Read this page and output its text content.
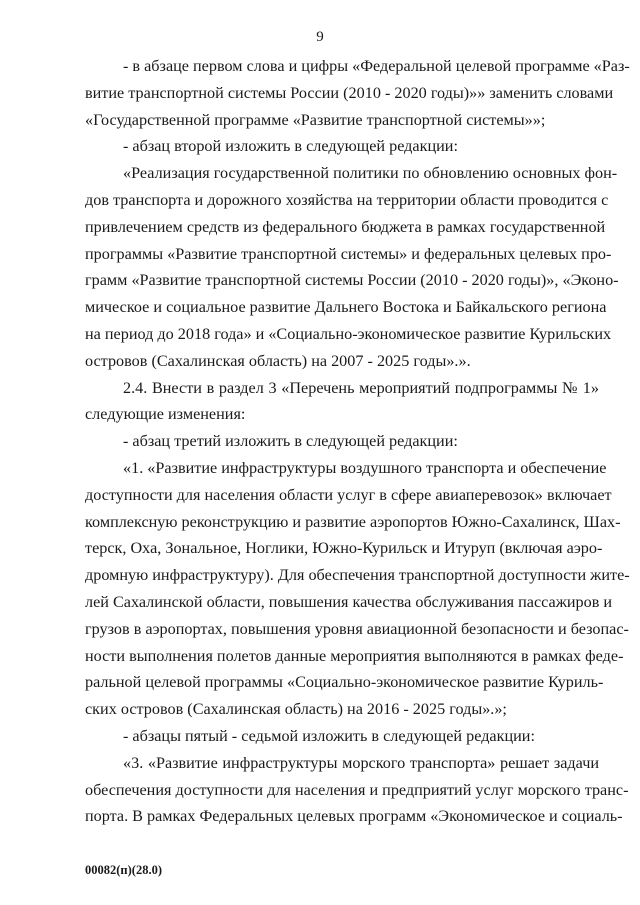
9

- в абзаце первом слова и цифры «Федеральной целевой программе «Раз-
витие транспортной системы России (2010 - 2020 годы)»» заменить словами
«Государственной программе «Развитие транспортной системы»»;

- абзац второй изложить в следующей редакции:

«Реализация государственной политики по обновлению основных фон-
дов транспорта и дорожного хозяйства на территории области проводится с
привлечением средств из федерального бюджета в рамках государственной
программы «Развитие транспортной системы» и федеральных целевых про-
грамм «Развитие транспортной системы России (2010 - 2020 годы)», «Эконо-
мическое и социальное развитие Дальнего Востока и Байкальского региона
на период до 2018 года» и «Социально-экономическое развитие Курильских
островов (Сахалинская область) на 2007 - 2025 годы».».

2.4. Внести в раздел 3 «Перечень мероприятий подпрограммы № 1»
следующие изменения:

- абзац третий изложить в следующей редакции:

«1. «Развитие инфраструктуры воздушного транспорта и обеспечение
доступности для населения области услуг в сфере авиаперевозок» включает
комплексную реконструкцию и развитие аэропортов Южно-Сахалинск, Шах-
терск, Оха, Зональное, Ноглики, Южно-Курильск и Итуруп (включая аэро-
дромную инфраструктуру). Для обеспечения транспортной доступности жите-
лей Сахалинской области, повышения качества обслуживания пассажиров и
грузов в аэропортах, повышения уровня авиационной безопасности и безопас-
ности выполнения полетов данные мероприятия выполняются в рамках феде-
ральной целевой программы «Социально-экономическое развитие Куриль-
ских островов (Сахалинская область) на 2016 - 2025 годы».»;

- абзацы пятый - седьмой изложить в следующей редакции:

«3. «Развитие инфраструктуры морского транспорта» решает задачи
обеспечения доступности для населения и предприятий услуг морского транс-
порта. В рамках Федеральных целевых программ «Экономическое и социаль-

00082(п)(28.0)
